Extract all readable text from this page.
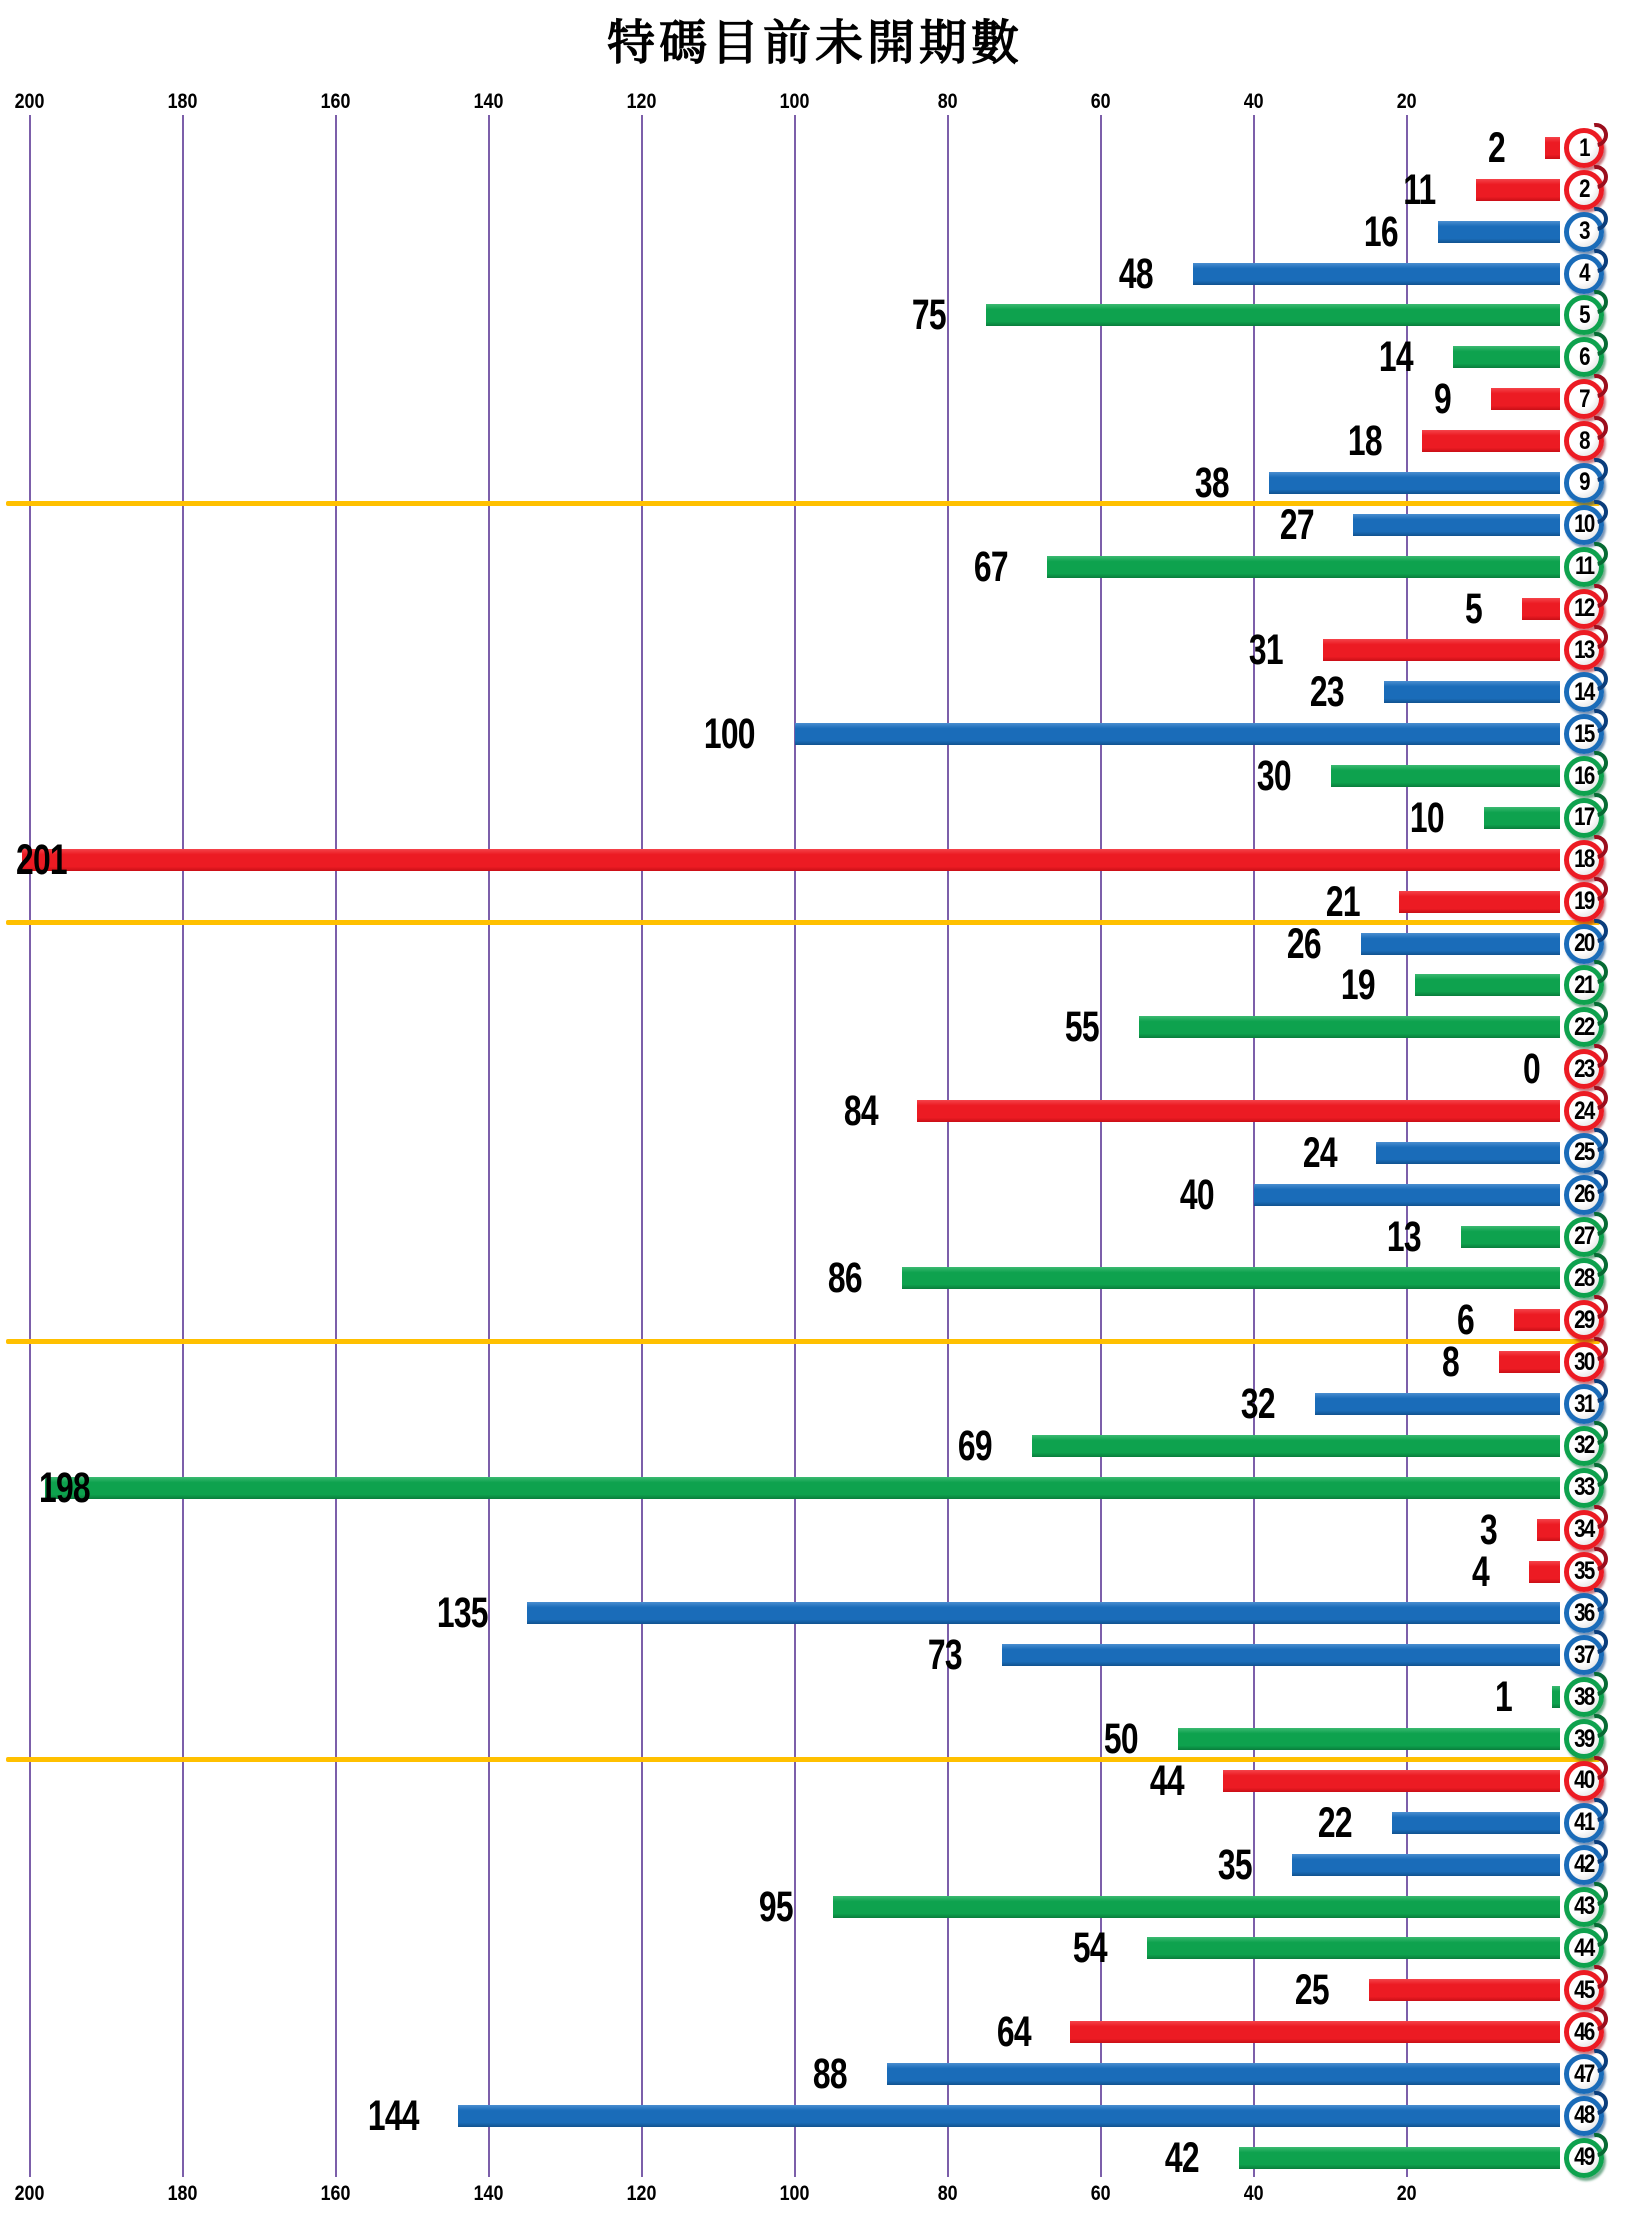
特碼目前未開期數
200
200
180
180
160
160
140
140
120
120
100
100
80
80
60
60
40
40
20
20
2	1
11	2
16	3
48	4
75	5
14	6
9	7
18	8
38	9
27	10
67	11
5	12
31	13
23	14
100	15
30	16
10	17
201	18
21	19
26	20
19	21
55	22
0 23
84	24
24	25
40	26
13	27
86	28
6	29
8	30
32	31
69	32
198	33
3	34
4	35
135	36
73	37
1 38
50	39
44	40
22	41
35	42
95	43
54	44
25	45
64	46
88	47
144	48
42	49
